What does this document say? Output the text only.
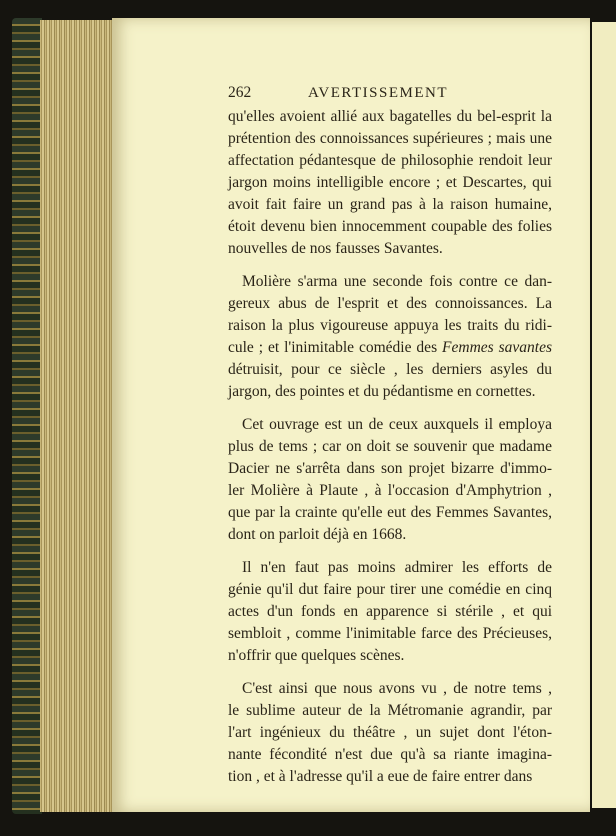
262	AVERTISSEMENT
qu'elles avoient allié aux bagatelles du bel-esprit la
prétention des connoissances supérieures ; mais une
affectation pédantesque de philosophie rendoit leur
jargon moins intelligible encore ; et Descartes, qui
avoit fait faire un grand pas à la raison humaine,
étoit devenu bien innocemment coupable des folies
nouvelles de nos fausses Savantes.
Molière s'arma une seconde fois contre ce dan-
gereux abus de l'esprit et des connoissances. La
raison la plus vigoureuse appuya les traits du ridi-
cule ; et l'inimitable comédie des Femmes savantes
détruisit, pour ce siècle , les derniers asyles du
jargon, des pointes et du pédantisme en cornettes.
Cet ouvrage est un de ceux auxquels il employa
plus de tems ; car on doit se souvenir que madame
Dacier ne s'arrêta dans son projet bizarre d'immo-
ler Molière à Plaute , à l'occasion d'Amphytrion ,
que par la crainte qu'elle eut des Femmes Savantes,
dont on parloit déjà en 1668.
Il n'en faut pas moins admirer les efforts de
génie qu'il dut faire pour tirer une comédie en cinq
actes d'un fonds en apparence si stérile , et qui
sembloit , comme l'inimitable farce des Précieuses,
n'offrir que quelques scènes.
C'est ainsi que nous avons vu , de notre tems ,
le sublime auteur de la Métromanie agrandir, par
l'art ingénieux du théâtre , un sujet dont l'éton-
nante fécondité n'est due qu'à sa riante imagina-
tion , et à l'adresse qu'il a eue de faire entrer dans
